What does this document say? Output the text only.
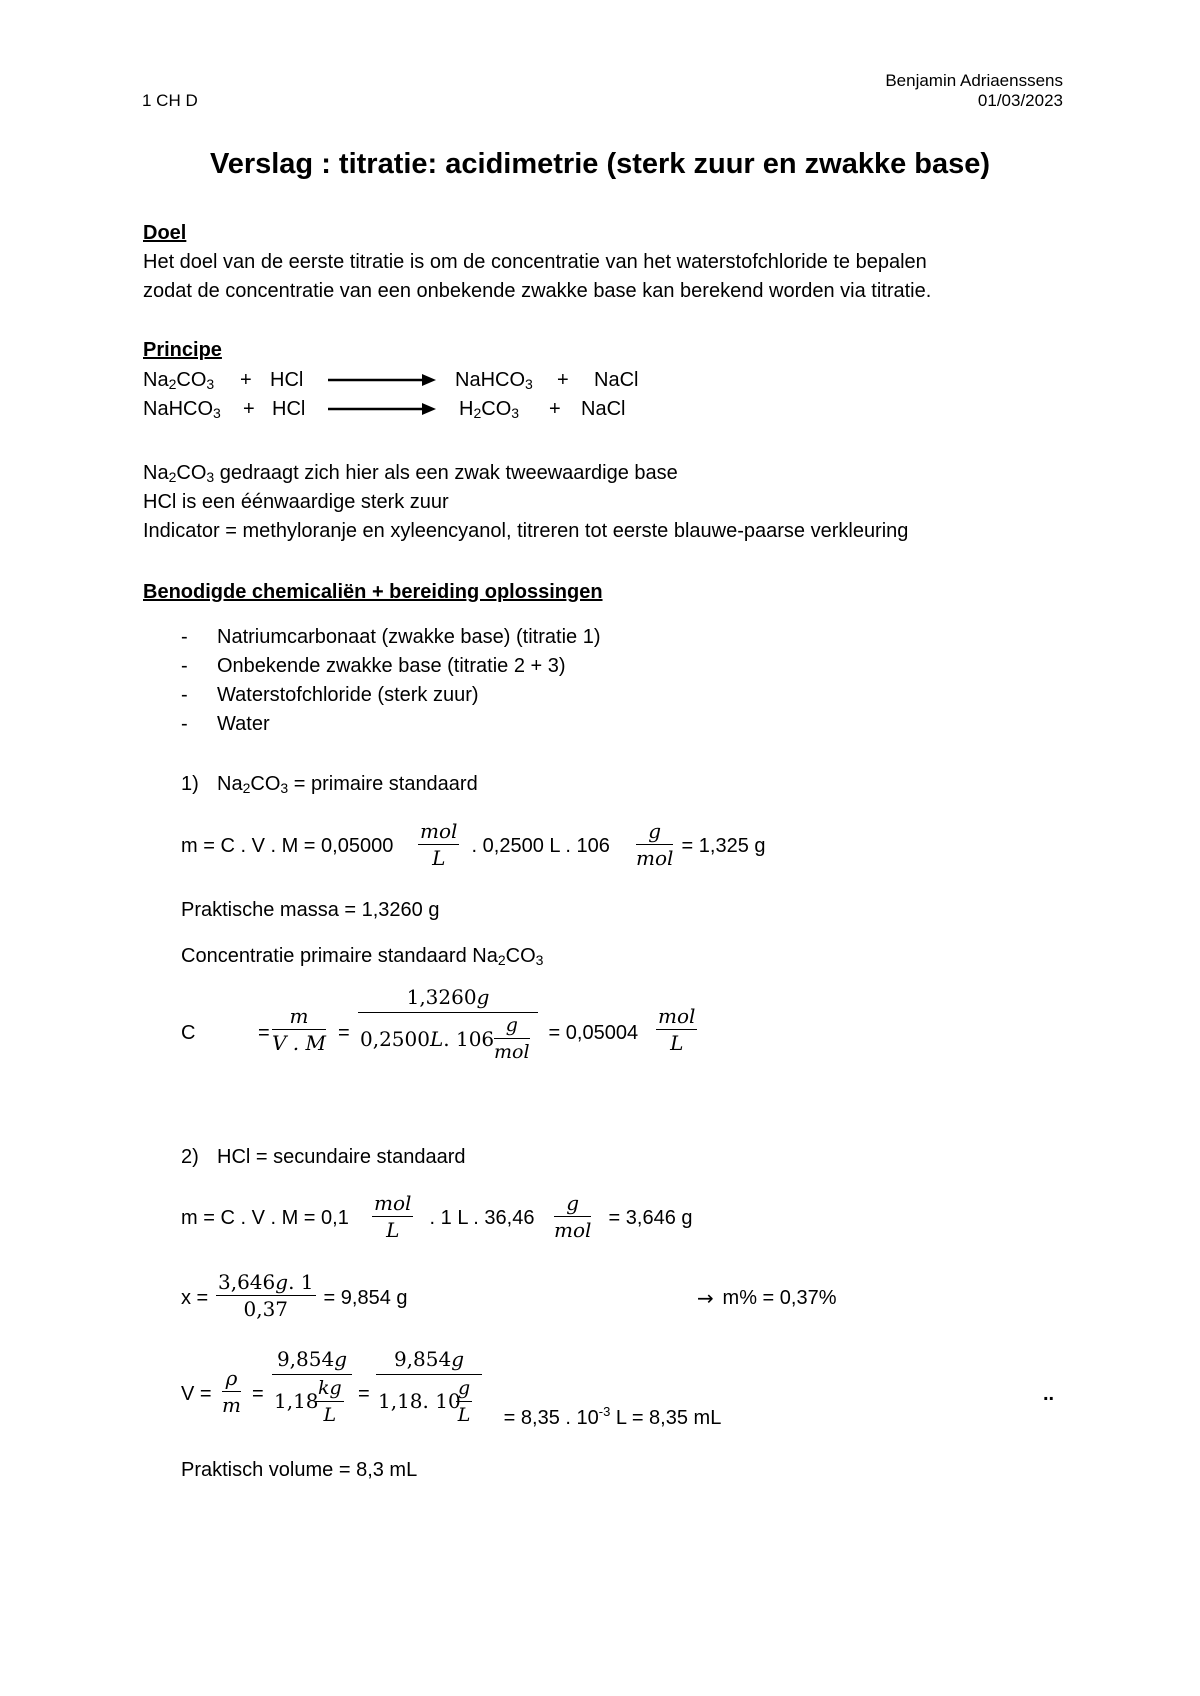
Benjamin Adriaenssens
1 CH D	01/03/2023
Verslag : titratie: acidimetrie (sterk zuur en zwakke base)
Doel
Het doel van de eerste titratie is om de concentratie van het waterstofchloride te bepalen
zodat de concentratie van een onbekende zwakke base kan berekend worden via titratie.
Principe
$Na_2CO_3$ + HCl	NaHCO$_3$ + NaCl
NaHCO$_3$ + HCl	$H_2CO_3$ + NaCl
$Na_2CO_3$ gedraagt zich hier als een zwak tweewaardige base
HCl is een éénwaardige sterk zuur
Indicator = methyloranje en xyleencyanol, titreren tot eerste blauwe-paarse verkleuring
Benodigde chemicaliën + bereiding oplossingen
- Natriumcarbonaat (zwakke base) (titratie 1)
- Onbekende zwakke base (titratie 2 + 3)
- Waterstofchloride (sterk zuur)
- Water
1) $Na_2CO_3$ = primaire standaard
m = C . V . M = 0,05000
mol
L	. 0,2500 L . 106
g
mol = 1,325 g
Praktische massa = 1,3260 g
Concentratie primaire standaard $Na_2CO_3$
C	= $\frac{m}{V . M}$ =
1,3260g
0,2500L. 106
g
mol
= 0,05004
mol
L
2) HCl = secundaire standaard
m = C . V . M = 0,1
mol
L	. 1 L . 36,46
g
mol = 3,646 g
$x = \frac{3,646g. 1}{0,37} = 9,854$ g	→ m% = 0,37%
$V = \frac{\rho}{m}$ =
9,854g
1,18
$\frac{kg}{L}$ =
9,854g
1,18. 10
$\frac{g}{L}$	= 8,35 . $10^{-3}$ L = 8,35 mL

..
Praktisch volume = 8,3 mL
